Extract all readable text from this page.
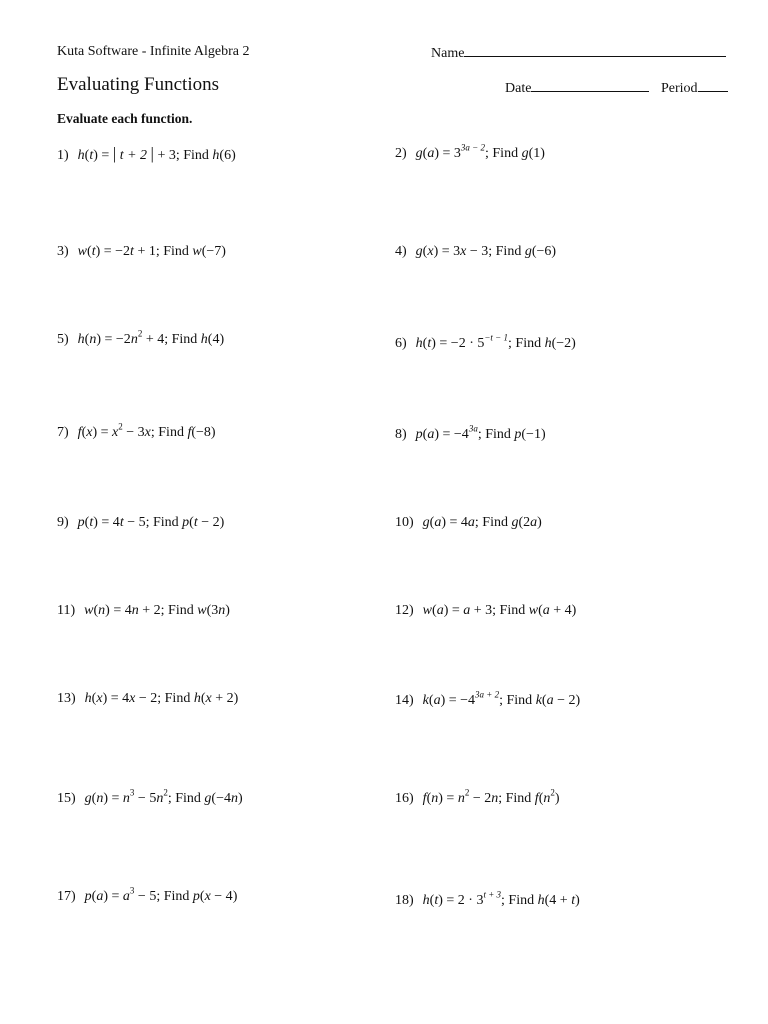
Kuta Software - Infinite Algebra 2	Name
Evaluating Functions	Date	Period
Evaluate each function.
1) h(t) = | t + 2 | + 3; Find h(6)	2) $g(a) = 3^{3a - 2}$; Find g(1)
3) w(t) = −2t + 1; Find w(−7)	4) g(x) = 3x − 3; Find g(−6)
5) $h(n) = -2n^2 + 4$; Find h(4)	6) $h(t) = -2 \cdot 5^{-t - 1}$; Find h(−2)
7) $f(x) = x^2 - 3x$; Find f(−8)	8) $p(a) = -4^{3a}$; Find p(−1)
9) p(t) = 4t − 5; Find p(t − 2)	10) g(a) = 4a; Find g(2a)
11) w(n) = 4n + 2; Find w(3n)	12) w(a) = a + 3; Find w(a + 4)
13) h(x) = 4x − 2; Find h(x + 2)	14) $k(a) = -4^{3a + 2}$; Find k(a − 2)
15) $g(n) = n^3 - 5n^2$; Find g(−4n)	16) $f(n) = n^2 - 2n$; Find $f(n^2)$
17) $p(a) = a^3 - 5$; Find p(x − 4)	18) $h(t) = 2 \cdot 3^{t + 3}$; Find h(4 + t)
